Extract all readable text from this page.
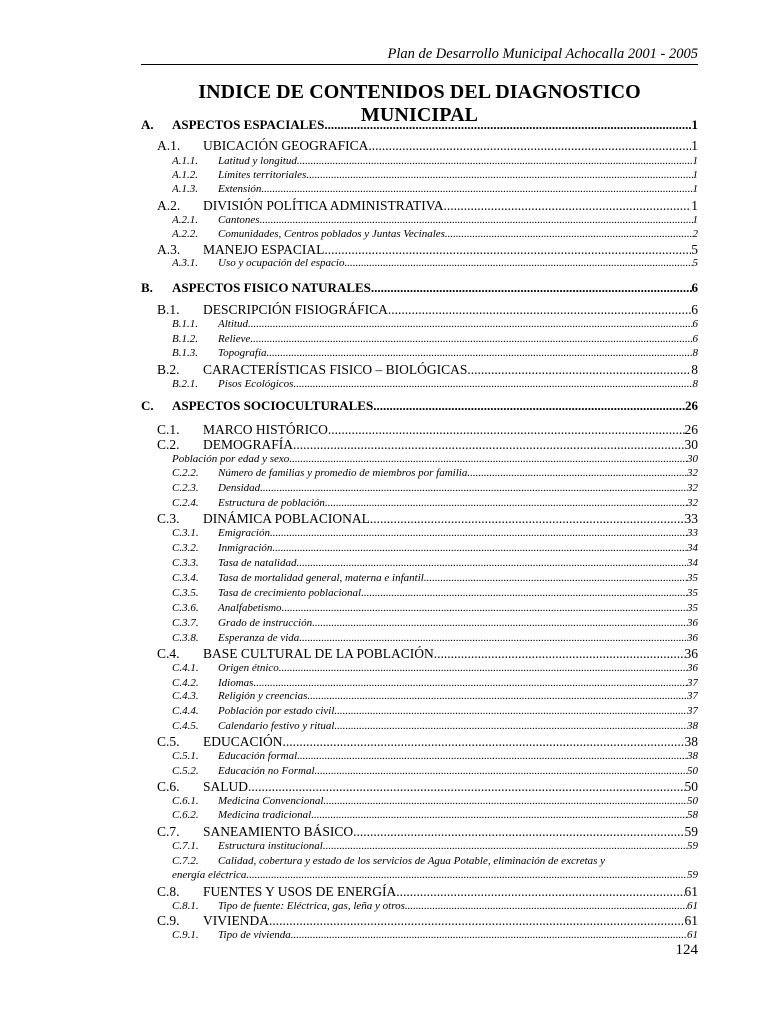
Plan de Desarrollo Municipal Achocalla 2001 - 2005
INDICE DE CONTENIDOS DEL DIAGNOSTICO MUNICIPAL
A.	ASPECTOS ESPACIALES .....	1
A.1.	UBICACIÓN GEOGRAFICA .....	1
A.1.1.	Latitud y longitud .....	1
A.1.2.	Límites territoriales .....	1
A.1.3.	Extensión .....	1
A.2.	DIVISIÓN POLÍTICA ADMINISTRATIVA .....	1
A.2.1.	Cantones .....	1
A.2.2.	Comunidades, Centros poblados y Juntas Vecinales .....	2
A.3.	MANEJO ESPACIAL .....	5
A.3.1.	Uso y ocupación del espacio .....	5
B.	ASPECTOS FISICO NATURALES .....	6
B.1.	DESCRIPCIÓN FISIOGRÁFICA .....	6
B.1.1.	Altitud .....	6
B.1.2.	Relieve .....	6
B.1.3.	Topografía .....	8
B.2.	CARACTERÍSTICAS FISICO – BIOLÓGICAS .....	8
B.2.1.	Pisos Ecológicos .....	8
C.	ASPECTOS SOCIOCULTURALES .....	26
C.1.	MARCO HISTÓRICO .....	26
C.2.	DEMOGRAFÍA .....	30
Población por edad y sexo .....	30
C.2.2.	Número de familias y promedio de miembros por familia .....	32
C.2.3.	Densidad .....	32
C.2.4.	Estructura de población .....	32
C.3.	DINÁMICA POBLACIONAL .....	33
C.3.1.	Emigración .....	33
C.3.2.	Inmigración .....	34
C.3.3.	Tasa de natalidad .....	34
C.3.4.	Tasa de mortalidad general, materna e infantil. .....	35
C.3.5.	Tasa de crecimiento poblacional .....	35
C.3.6.	Analfabetismo .....	35
C.3.7.	Grado de instrucción .....	36
C.3.8.	Esperanza de vida .....	36
C.4.	BASE CULTURAL DE LA POBLACIÓN .....	36
C.4.1.	Origen étnico .....	36
C.4.2.	Idiomas .....	37
C.4.3.	Religión y creencias .....	37
C.4.4.	Población por estado civil .....	37
C.4.5.	Calendario festivo y ritual .....	38
C.5.	EDUCACIÓN .....	38
C.5.1.	Educación formal .....	38
C.5.2.	Educación no Formal .....	50
C.6.	SALUD .....	50
C.6.1.	Medicina Convencional .....	50
C.6.2.	Medicina tradicional .....	58
C.7.	SANEAMIENTO BÁSICO .....	59
C.7.1.	Estructura institucional .....	59
C.7.2. Calidad, cobertura y estado de los servicios de Agua Potable, eliminación de excretas y
energía eléctrica .....	59
C.8.	FUENTES Y USOS DE ENERGÍA .....	61
C.8.1.	Tipo de fuente: Eléctrica, gas, leña y otros. .....	61
C.9.	VIVIENDA .....	61
C.9.1.	Tipo de vivienda .....	61
124
